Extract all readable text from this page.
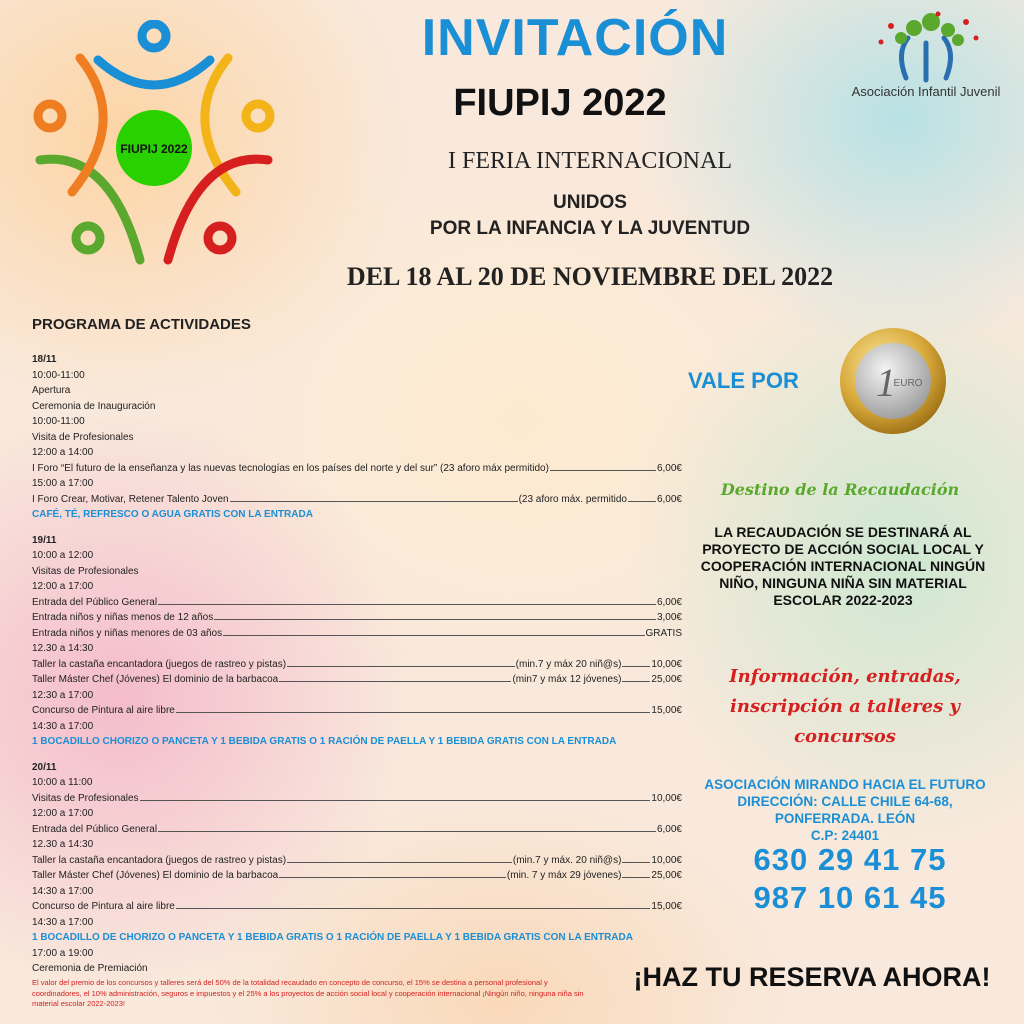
FIUPIJ 2022
Asociación Infantil Juvenil
INVITACIÓN
FIUPIJ 2022
I FERIA INTERNACIONAL
UNIDOS
POR LA INFANCIA Y LA JUVENTUD
DEL 18 AL 20 DE NOVIEMBRE DEL 2022
PROGRAMA DE ACTIVIDADES
18/11
10:00-11:00
Apertura
Ceremonia de Inauguración
10:00-11:00
Visita de Profesionales
12:00 a 14:00
I Foro “El futuro de la enseñanza y las nuevas tecnologías en los países del norte y del sur” (23 aforo máx permitido)	6,00€
15:00 a 17:00
I Foro Crear, Motivar, Retener Talento Joven	(23 aforo máx. permitido	6,00€
CAFÉ, TÉ, REFRESCO O AGUA GRATIS CON LA ENTRADA
19/11
10:00 a 12:00
Visitas de Profesionales
12:00 a 17:00
Entrada del Público General	6,00€
Entrada niños y niñas menos de 12 años	3,00€
Entrada niños y niñas menores de 03 años	GRATIS
12.30 a 14:30
Taller la castaña encantadora (juegos de rastreo y pistas)	(min.7 y máx 20 niñ@s)	10,00€
Taller Máster Chef (Jóvenes) El dominio de la barbacoa	(min7 y máx 12 jóvenes)	25,00€
12:30 a 17:00
Concurso de Pintura al aire libre	15,00€
14:30 a 17:00
1 BOCADILLO CHORIZO O PANCETA Y 1 BEBIDA GRATIS O 1 RACIÓN DE PAELLA Y 1 BEBIDA GRATIS CON LA ENTRADA
20/11
10:00 a 11:00
Visitas de Profesionales	10,00€
12:00 a 17:00
Entrada del Público General	6,00€
12.30 a 14:30
Taller la castaña encantadora (juegos de rastreo y pistas)	(min.7 y máx. 20 niñ@s)	10,00€
Taller Máster Chef (Jóvenes) El dominio de la barbacoa	(min. 7 y máx 29 jóvenes)	25,00€
14:30 a 17:00
Concurso de Pintura al aire libre	15,00€
14:30 a 17:00
1 BOCADILLO DE CHORIZO O PANCETA Y 1 BEBIDA GRATIS O 1 RACIÓN DE PAELLA Y 1 BEBIDA GRATIS CON LA ENTRADA
17:00 a 19:00
Ceremonia de Premiación
El valor del premio de los concursos y talleres será del 50% de la totalidad recaudado en concepto de concurso, el 15% se destina a personal profesional y coordinadores, el 10% administración, seguros e impuestos y el 25% a los proyectos de acción social local y cooperación internacional ¡Ningún niño, ninguna niña sin material escolar 2022-2023!
VALE POR 1
EURO
Destino de la Recaudación
LA RECAUDACIÓN SE DESTINARÁ AL PROYECTO DE ACCIÓN SOCIAL LOCAL Y COOPERACIÓN INTERNACIONAL NINGÚN NIÑO, NINGUNA NIÑA SIN MATERIAL ESCOLAR 2022-2023
Información, entradas, inscripción a talleres y concursos
ASOCIACIÓN MIRANDO HACIA EL FUTURO
DIRECCIÓN: CALLE CHILE 64-68,
PONFERRADA. LEÓN
C.P: 24401
630 29 41 75
987 10 61 45
¡HAZ TU RESERVA AHORA!
